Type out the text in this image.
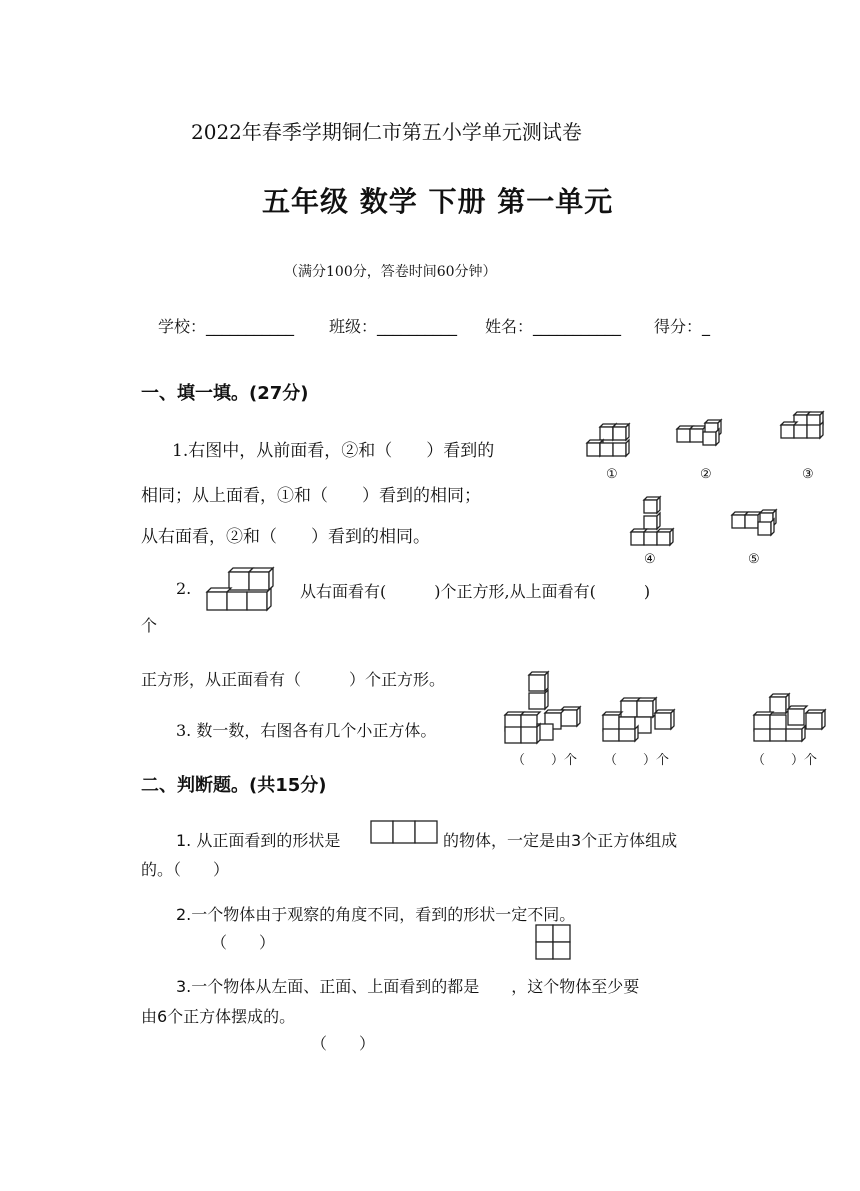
2022年春季学期铜仁市第五小学单元测试卷
五年级 数学 下册 第一单元
（满分100分，答卷时间60分钟）
学校：___________ 班级：__________ 姓名：___________ 得分：_
一、填一填。(27分)
1.右图中，从前面看，②和（　　）看到的
相同；从上面看，①和（　　）看到的相同；
从右面看，②和（　　）看到的相同。
①	②	③
④	⑤
2.	从右面看有(　　　)个正方形,从上面看有(　　　)
个
正方形，从正面看有（　　　）个正方形。
3. 数一数，右图各有几个小正方体。
（　　）个 （　　）个	（　　）个
二、判断题。(共15分)
1. 从正面看到的形状是	的物体，一定是由3个正方体组成
的。（　　）
2.一个物体由于观察的角度不同，看到的形状一定不同。
（　　）
3.一个物体从左面、正面、上面看到的都是　　，这个物体至少要
由6个正方体摆成的。
（　　）
